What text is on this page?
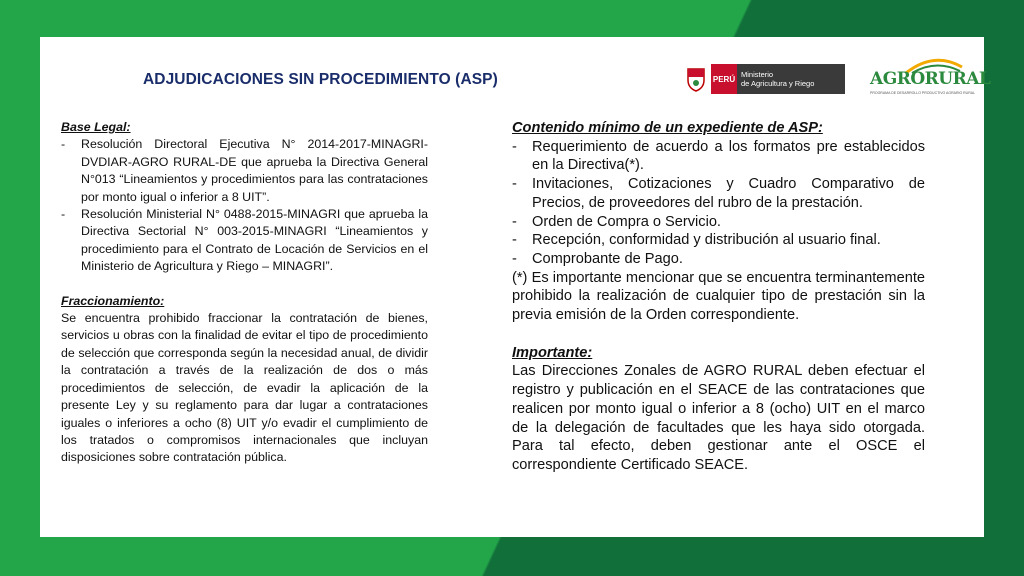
ADJUDICACIONES SIN PROCEDIMIENTO (ASP)	PERÚ Ministerio
de Agricultura y Riego	AGRORURAL
PROGRAMA DE DESARROLLO PRODUCTIVO AGRARIO RURAL

Base Legal:

- Resolución Directoral Ejecutiva N° 2014-2017-MINAGRI-DVDIAR-AGRO RURAL-DE que aprueba la Directiva General N°013 “Lineamientos y procedimientos para las contrataciones por monto igual o inferior a 8 UIT”.
- Resolución Ministerial N° 0488-2015-MINAGRI que aprueba la Directiva Sectorial N° 003-2015-MINAGRI “Lineamientos y procedimiento para el Contrato de Locación de Servicios en el Ministerio de Agricultura y Riego – MINAGRI”.

Fraccionamiento:

Se encuentra prohibido fraccionar la contratación de bienes, servicios u obras con la finalidad de evitar el tipo de procedimiento de selección que corresponda según la necesidad anual, de dividir la contratación a través de la realización de dos o más procedimientos de selección, de evadir la aplicación de la presente Ley y su reglamento para dar lugar a contrataciones iguales o inferiores a ocho (8) UIT y/o evadir el cumplimiento de los tratados o compromisos internacionales que incluyan disposiciones sobre contratación pública.

Contenido mínimo de un expediente de ASP:

- Requerimiento de acuerdo a los formatos pre establecidos en la Directiva(*).
- Invitaciones, Cotizaciones y Cuadro Comparativo de Precios, de proveedores del rubro de la prestación.
- Orden de Compra o Servicio.
- Recepción, conformidad y distribución al usuario final.
- Comprobante de Pago.

(*) Es importante mencionar que se encuentra terminantemente prohibido la realización de cualquier tipo de prestación sin la previa emisión de la Orden correspondiente.

Importante:

Las Direcciones Zonales de AGRO RURAL deben efectuar el registro y publicación en el SEACE de las contrataciones que realicen por monto igual o inferior a 8 (ocho) UIT en el marco de la delegación de facultades que les haya sido otorgada. Para tal efecto, deben gestionar ante el OSCE el correspondiente Certificado SEACE.
